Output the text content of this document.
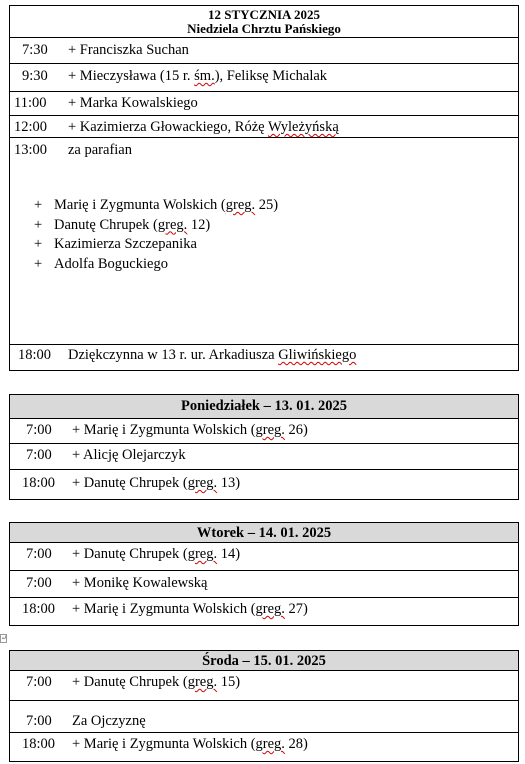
12 STYCZNIA 2025
Niedziela Chrztu Pańskiego
7:30	+ Franciszka Suchan
9:30	+ Mieczysława (15 r. śm.), Feliksę Michalak
11:00	+ Marka Kowalskiego
12:00	+ Kazimierza Głowackiego, Różę Wyleżyńską
13:00	za parafian
+ Marię i Zygmunta Wolskich (greg. 25)
+ Danutę Chrupek (greg. 12)
+ Kazimierza Szczepanika
+ Adolfa Boguckiego
18:00	Dziękczynna w 13 r. ur. Arkadiusza Gliwińskiego
Poniedziałek – 13. 01. 2025
7:00	+ Marię i Zygmunta Wolskich (greg. 26)
7:00	+ Alicję Olejarczyk
18:00	+ Danutę Chrupek (greg. 13)
Wtorek – 14. 01. 2025
7:00	+ Danutę Chrupek (greg. 14)
7:00	+ Monikę Kowalewską
18:00	+ Marię i Zygmunta Wolskich (greg. 27)
↵
Środa – 15. 01. 2025
7:00	+ Danutę Chrupek (greg. 15)
7:00	Za Ojczyznę
18:00	+ Marię i Zygmunta Wolskich (greg. 28)
